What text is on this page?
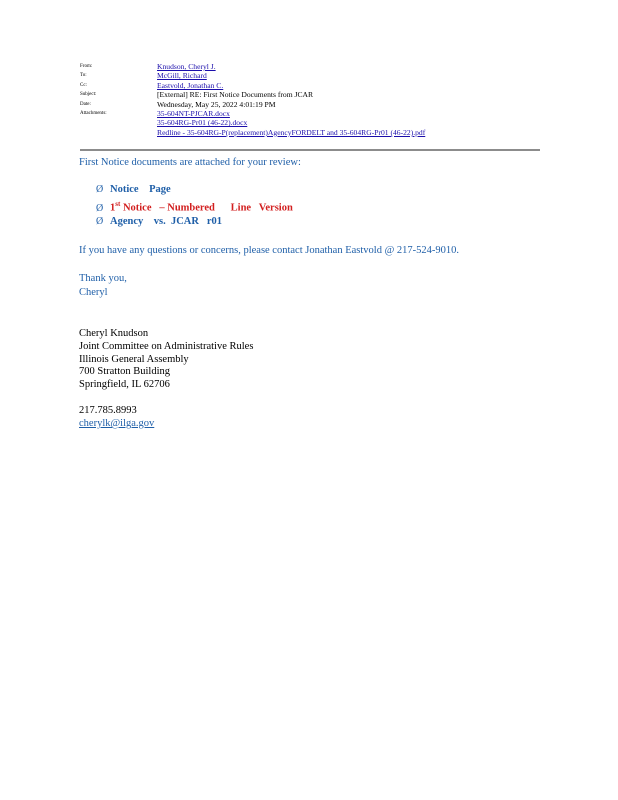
From:	Knudson, Cheryl J.
To:	McGill, Richard
Cc:	Eastvold, Jonathan C.
Subject:	[External] RE: First Notice Documents from JCAR
Date:	Wednesday, May 25, 2022 4:01:19 PM
Attachments:	35-604NT-PJCAR.docx
35-604RG-Pr01 (46-22).docx
Redline - 35-604RG-P(replacement)AgencyFORDELT and 35-604RG-Pr01 (46-22).pdf
First Notice documents are attached for your review:
Ø Notice    Page
Ø 1st Notice   – Numbered      Line   Version
Ø Agency    vs.  JCAR   r01
If you have any questions or concerns, please contact Jonathan Eastvold @ 217-524-9010.
Thank you,
Cheryl
Cheryl Knudson
Joint Committee on Administrative Rules
Illinois General Assembly
700 Stratton Building
Springfield, IL 62706
217.785.8993
cherylk@ilga.gov
